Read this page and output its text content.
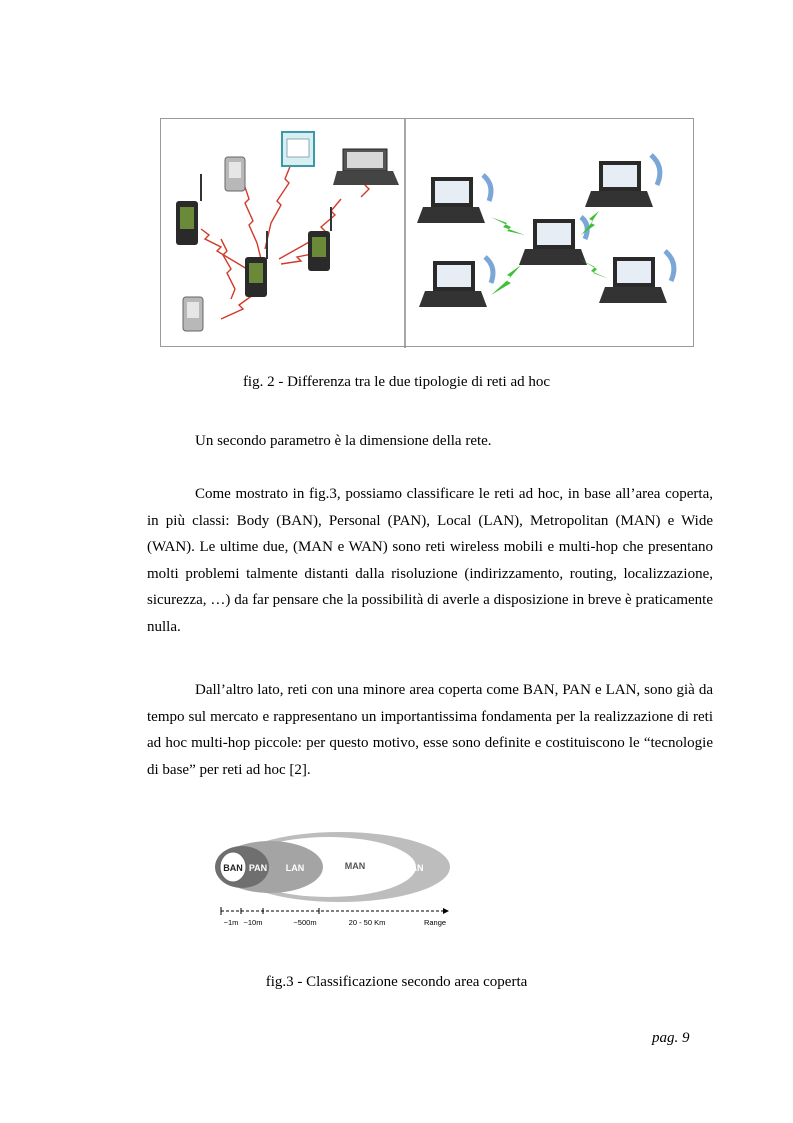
fig. 2 - Differenza tra le due tipologie di reti ad hoc

Un secondo parametro è la dimensione della rete.

Come mostrato in fig.3, possiamo classificare le reti ad hoc, in base all’area coperta, in più classi: Body (BAN), Personal (PAN), Local (LAN), Metropolitan (MAN) e Wide (WAN). Le ultime due, (MAN e WAN) sono reti wireless mobili e multi-hop che presentano molti problemi talmente distanti dalla risoluzione (indirizzamento, routing, localizzazione, sicurezza, …) da far pensare che la possibilità di averle a disposizione in breve è praticamente nulla.

Dall’altro lato, reti con una minore area coperta come BAN, PAN e LAN, sono già da tempo sul mercato e rappresentano un importantissima fondamenta per la realizzazione di reti ad hoc multi-hop piccole: per questo motivo, esse sono definite e costituiscono le “tecnologie di base” per reti ad hoc [2].

BAN PAN LAN	MAN	WAN
~1m ~10m	~500m	20 - 50 Km	Range
fig.3 - Classificazione secondo area coperta
pag. 9
